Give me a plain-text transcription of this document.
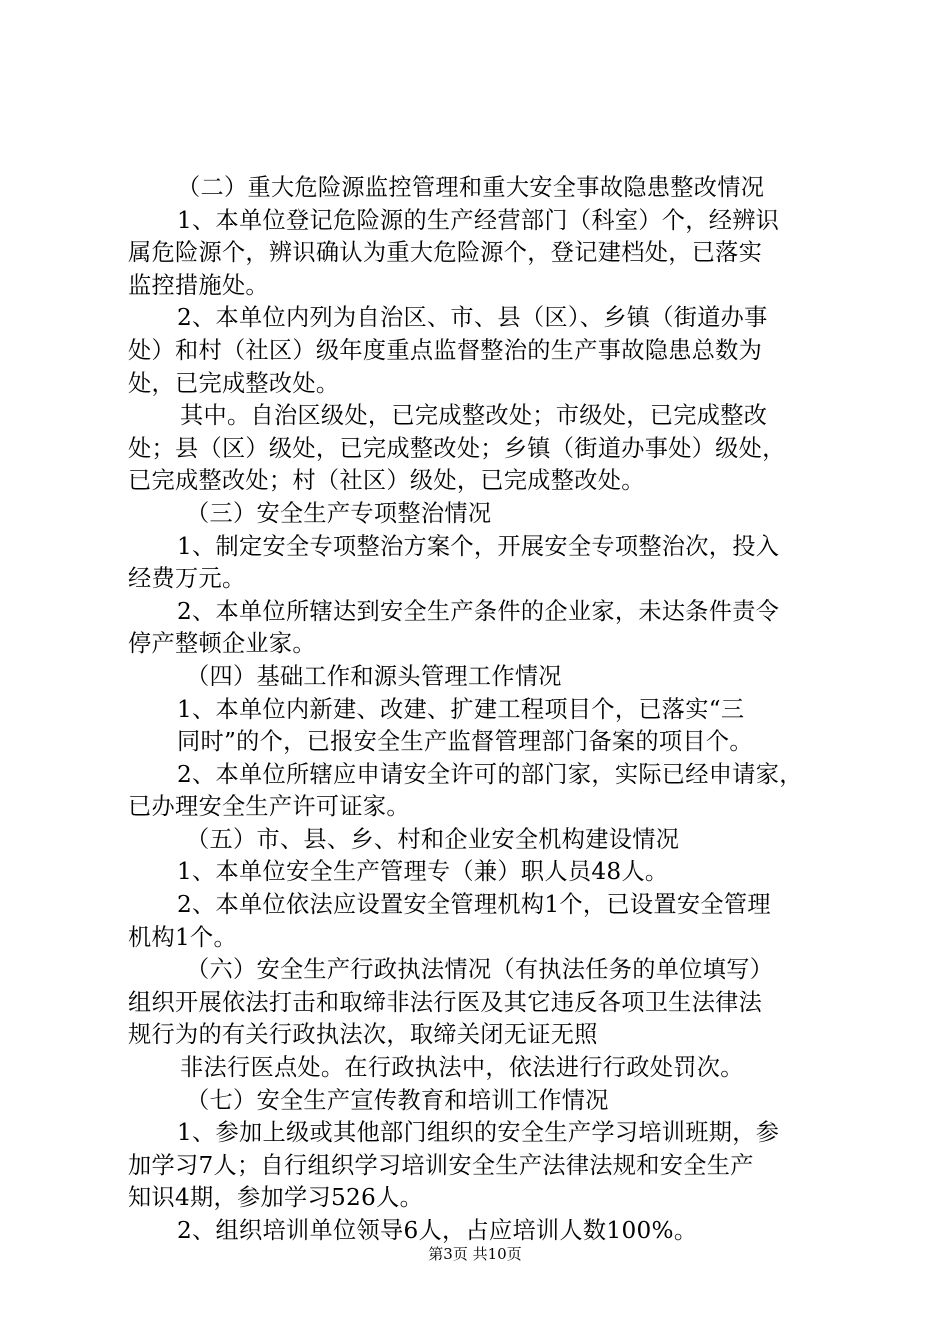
（二）重大危险源监控管理和重大安全事故隐患整改情况
1、本单位登记危险源的生产经营部门（科室）个，经辨识
属危险源个，辨识确认为重大危险源个，登记建档处，已落实
监控措施处。
2、本单位内列为自治区、市、县（区）、乡镇（街道办事
处）和村（社区）级年度重点监督整治的生产事故隐患总数为
处，已完成整改处。
其中。自治区级处，已完成整改处；市级处，已完成整改
处；县（区）级处，已完成整改处；乡镇（街道办事处）级处，
已完成整改处；村（社区）级处，已完成整改处。
（三）安全生产专项整治情况
1、制定安全专项整治方案个，开展安全专项整治次，投入
经费万元。
2、本单位所辖达到安全生产条件的企业家，未达条件责令
停产整顿企业家。
（四）基础工作和源头管理工作情况
1、本单位内新建、改建、扩建工程项目个，已落实“三
同时”的个，已报安全生产监督管理部门备案的项目个。
2、本单位所辖应申请安全许可的部门家，实际已经申请家，
已办理安全生产许可证家。
（五）市、县、乡、村和企业安全机构建设情况
1、本单位安全生产管理专（兼）职人员48人。
2、本单位依法应设置安全管理机构1个，已设置安全管理
机构1个。
（六）安全生产行政执法情况（有执法任务的单位填写）
组织开展依法打击和取缔非法行医及其它违反各项卫生法律法
规行为的有关行政执法次，取缔关闭无证无照
非法行医点处。在行政执法中，依法进行行政处罚次。
（七）安全生产宣传教育和培训工作情况
1、参加上级或其他部门组织的安全生产学习培训班期，参
加学习7人；自行组织学习培训安全生产法律法规和安全生产
知识4期，参加学习526人。
2、组织培训单位领导6人，占应培训人数100%。
第3页 共10页
